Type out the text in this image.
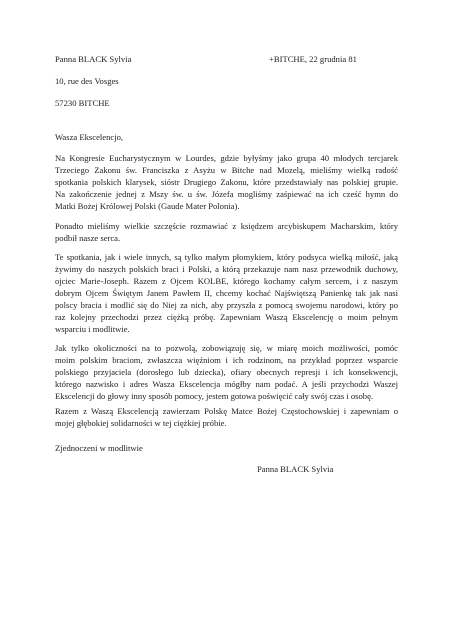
Panna BLACK Sylvia	+BITCHE, 22 grudnia 81
10, rue des Vosges
57230 BITCHE
Wasza Ekscelencjo,
Na Kongresie Eucharystycznym w Lourdes, gdzie byłyśmy jako grupa 40 młodych tercjarek
Trzeciego Zakonu św. Franciszka z Asyżu w Bitche nad Mozelą, mieliśmy wielką radość
spotkania polskich klarysek, sióstr Drugiego Zakonu, które przedstawiały nas polskiej grupie.
Na zakończenie jednej z Mszy św. u św. Józefa mogliśmy zaśpiewać na ich cześć hymn do
Matki Bożej Królowej Polski (Gaude Mater Polonia).
Ponadto mieliśmy wielkie szczęście rozmawiać z księdzem arcybiskupem Macharskim, który
podbił nasze serca.
Te spotkania, jak i wiele innych, są tylko małym płomykiem, który podsyca wielką miłość, jaką
żywimy do naszych polskich braci i Polski, a którą przekazuje nam nasz przewodnik duchowy,
ojciec Marie-Joseph. Razem z Ojcem KOLBE, którego kochamy całym sercem, i z naszym
dobrym Ojcem Świętym Janem Pawłem II, chcemy kochać Najświętszą Panienkę tak jak nasi
polscy bracia i modlić się do Niej za nich, aby przyszła z pomocą swojemu narodowi, który po
raz kolejny przechodzi przez ciężką próbę. Zapewniam Waszą Ekscelencję o moim pełnym
wsparciu i modlitwie.
Jak tylko okoliczności na to pozwolą, zobowiązuję się, w miarę moich możliwości, pomóc
moim polskim braciom, zwłaszcza więźniom i ich rodzinom, na przykład poprzez wsparcie
polskiego przyjaciela (dorosłego lub dziecka), ofiary obecnych represji i ich konsekwencji,
którego nazwisko i adres Wasza Ekscelencja mógłby nam podać. A jeśli przychodzi Waszej
Ekscelencji do głowy inny sposób pomocy, jestem gotowa poświęcić cały swój czas i osobę.
Razem z Waszą Ekscelencją zawierzam Polskę Matce Bożej Częstochowskiej i zapewniam o
mojej głębokiej solidarności w tej ciężkiej próbie.
Zjednoczeni w modlitwie
Panna BLACK Sylvia
